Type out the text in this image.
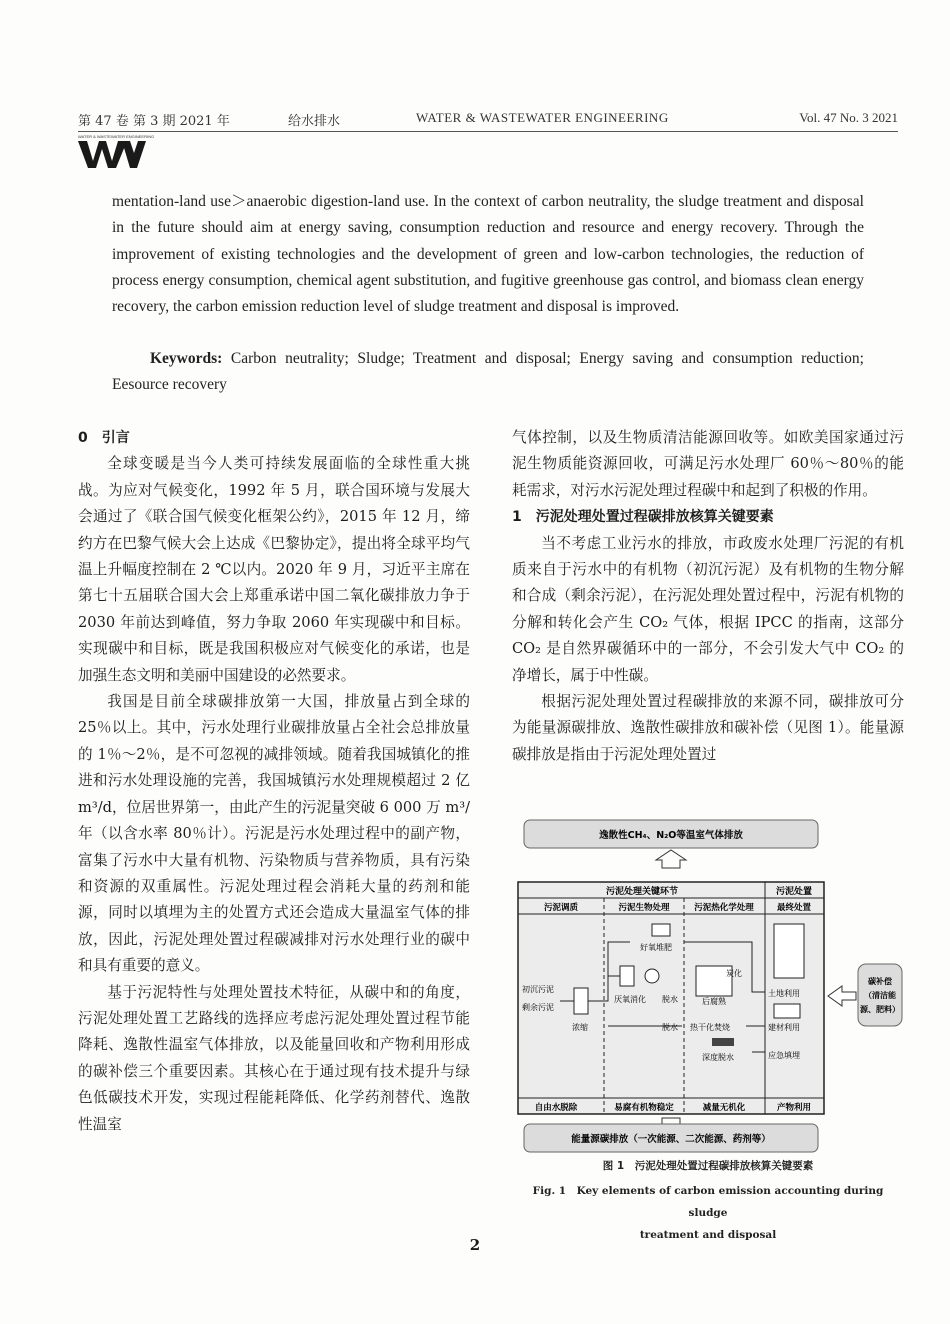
第 47 卷 第 3 期 2021 年	给水排水	WATER & WASTEWATER ENGINEERING	Vol. 47 No. 3 2021
WATER & WASTEWATER ENGINEERING
mentation-land use＞anaerobic digestion-land use. In the context of carbon neutrality, the sludge treatment and disposal in the future should aim at energy saving, consumption reduction and resource and energy recovery. Through the improvement of existing technologies and the development of green and low-carbon technologies, the reduction of process energy consumption, chemical agent substitution, and fugitive greenhouse gas control, and biomass clean energy recovery, the carbon emission reduction level of sludge treatment and disposal is improved.
Keywords: Carbon neutrality; Sludge; Treatment and disposal; Energy saving and consumption reduction; Eesource recovery

0　引言

全球变暖是当今人类可持续发展面临的全球性重大挑战。为应对气候变化，1992 年 5 月，联合国环境与发展大会通过了《联合国气候变化框架公约》，2015 年 12 月，缔约方在巴黎气候大会上达成《巴黎协定》，提出将全球平均气温上升幅度控制在 2 ℃以内。2020 年 9 月，习近平主席在第七十五届联合国大会上郑重承诺中国二氧化碳排放力争于 2030 年前达到峰值，努力争取 2060 年实现碳中和目标。实现碳中和目标，既是我国积极应对气候变化的承诺，也是加强生态文明和美丽中国建设的必然要求。

我国是目前全球碳排放第一大国，排放量占到全球的 25％以上。其中，污水处理行业碳排放量占全社会总排放量的 1％～2％，是不可忽视的减排领域。随着我国城镇化的推进和污水处理设施的完善，我国城镇污水处理规模超过 2 亿 m³/d，位居世界第一，由此产生的污泥量突破 6 000 万 m³/年（以含水率 80％计）。污泥是污水处理过程中的副产物，富集了污水中大量有机物、污染物质与营养物质，具有污染和资源的双重属性。污泥处理过程会消耗大量的药剂和能源，同时以填埋为主的处置方式还会造成大量温室气体的排放，因此，污泥处理处置过程碳减排对污水处理行业的碳中和具有重要的意义。

基于污泥特性与处理处置技术特征，从碳中和的角度，污泥处理处置工艺路线的选择应考虑污泥处理处置过程节能降耗、逸散性温室气体排放，以及能量回收和产物利用形成的碳补偿三个重要因素。其核心在于通过现有技术提升与绿色低碳技术开发，实现过程能耗降低、化学药剂替代、逸散性温室

气体控制，以及生物质清洁能源回收等。如欧美国家通过污泥生物质能资源回收，可满足污水处理厂 60％～80％的能耗需求，对污水污泥处理过程碳中和起到了积极的作用。

1　污泥处理处置过程碳排放核算关键要素

当不考虑工业污水的排放，市政废水处理厂污泥的有机质来自于污水中的有机物（初沉污泥）及有机物的生物分解和合成（剩余污泥），在污泥处理处置过程中，污泥有机物的分解和转化会产生 CO₂ 气体，根据 IPCC 的指南，这部分 CO₂ 是自然界碳循环中的一部分，不会引发大气中 CO₂ 的净增长，属于中性碳。

根据污泥处理处置过程碳排放的来源不同，碳排放可分为能量源碳排放、逸散性碳排放和碳补偿（见图 1）。能量源碳排放是指由于污泥处理处置过

逸散性CH₄、N₂O等温室气体排放
污泥处理关键环节	污泥处置
污泥调质	污泥生物处理	污泥热化学处理	最终处置
初沉污泥
剩余污泥
浓缩
好氧堆肥
厌氧消化 脱水
脱水
后腐熟
炭化
热干化焚烧
深度脱水
土地利用
建材利用
应急填埋
自由水脱除	易腐有机物稳定	减量无机化	产物利用
碳补偿
（清洁能
源、肥料）
能量源碳排放（一次能源、二次能源、药剂等）
图 1　污泥处理处置过程碳排放核算关键要素
Fig. 1　Key elements of carbon emission accounting during sludge
treatment and disposal
2
